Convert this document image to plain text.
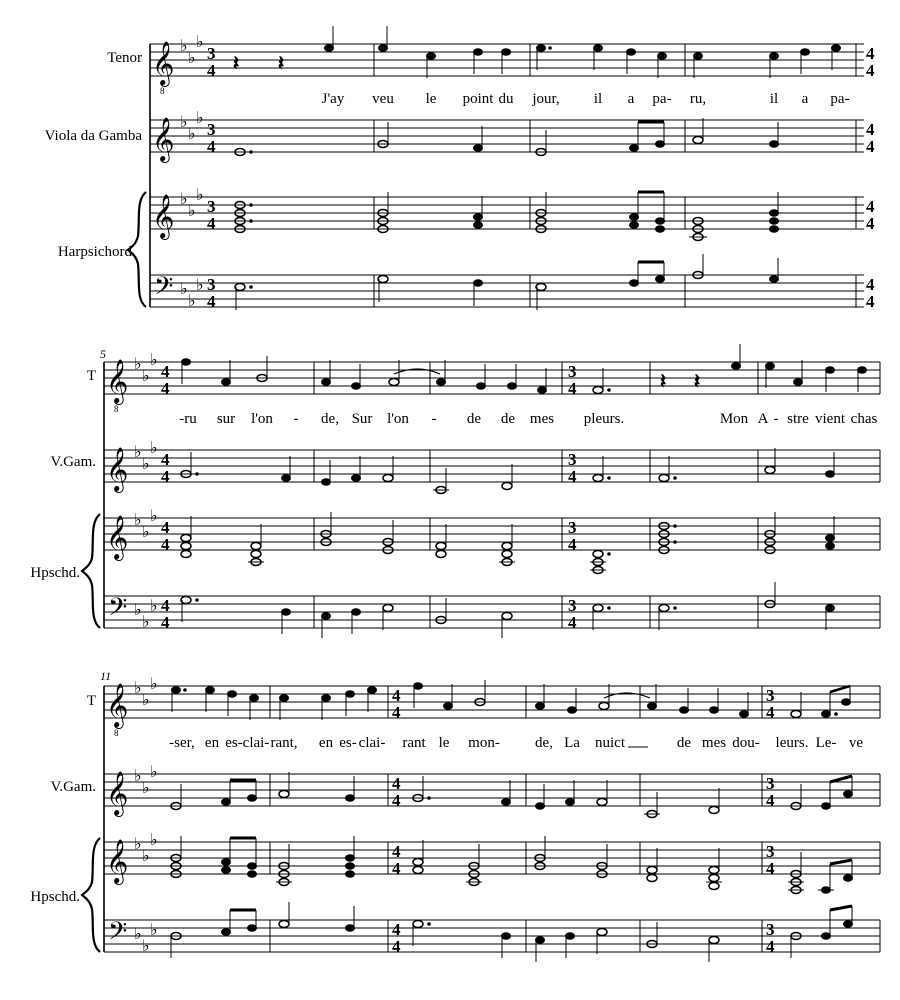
Tenor
Viola da Gamba
Harpsichord
𝄞
8
♭
♭
♭
3
4 𝄽 𝄽	4
4
J'ay veu le point du jour, il a pa- ru,	il a pa-
𝄞 ♭
♭
♭
3
4
4
4
𝄞 ♭
♭
♭
3
4
4
4
𝄢 ♭
♭
♭ 3
4
4
4
5
T
V.Gam.
Hpschd.
𝄞
8
♭
♭
♭
4
4
3
4	𝄽 𝄽
-ru sur l'on - de, Sur l'on - de de mes pleurs.	Mon A - stre vient chas
𝄞 ♭
♭
♭
4
4
3
4
𝄞 ♭
♭
♭
4
4
3
4
𝄢 ♭
♭
♭ 4
4
3
4
11
T
V.Gam.
Hpschd.
𝄞
8
♭
♭
♭
4
4
3
4
-ser, en es- clai- rant, en es- clai- rant le mon- de, La nuict	de mes dou- leurs. Le- ve
𝄞 ♭
♭
♭
4
4
3
4
𝄞 ♭
♭
♭
4
4
3
4
𝄢 ♭
♭
♭	4
4
3
4
